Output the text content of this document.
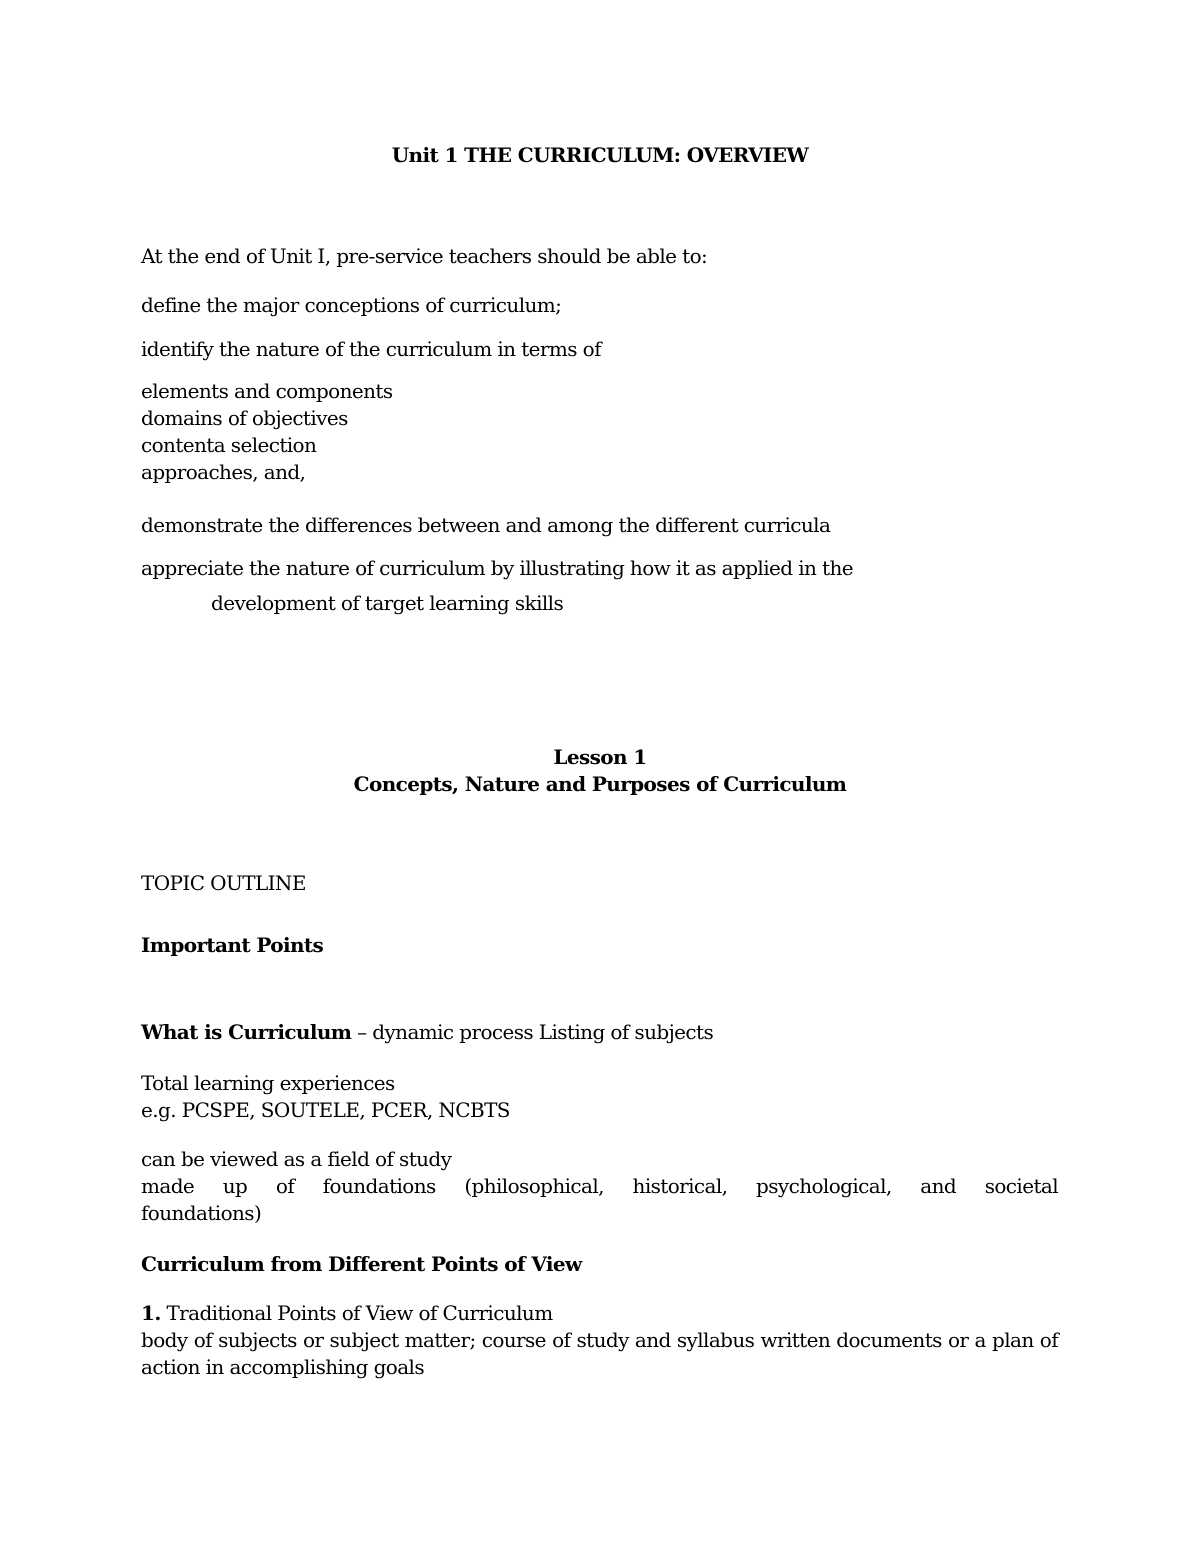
Unit 1 THE CURRICULUM: OVERVIEW
At the end of Unit I, pre-service teachers should be able to:
define the major conceptions of curriculum;
identify the nature of the curriculum in terms of
elements and components
domains of objectives
contenta selection
approaches, and,
demonstrate the differences between and among the different curricula
appreciate the nature of curriculum by illustrating how it as applied in the
development of target learning skills
Lesson 1
Concepts, Nature and Purposes of Curriculum
TOPIC OUTLINE
Important Points
What is Curriculum – dynamic process Listing of subjects
Total learning experiences
e.g. PCSPE, SOUTELE, PCER, NCBTS
can be viewed as a field of study
made up of foundations (philosophical, historical, psychological, and societal
foundations)
Curriculum from Different Points of View
1. Traditional Points of View of Curriculum
body of subjects or subject matter; course of study and syllabus written documents or a plan of action in accomplishing goals
